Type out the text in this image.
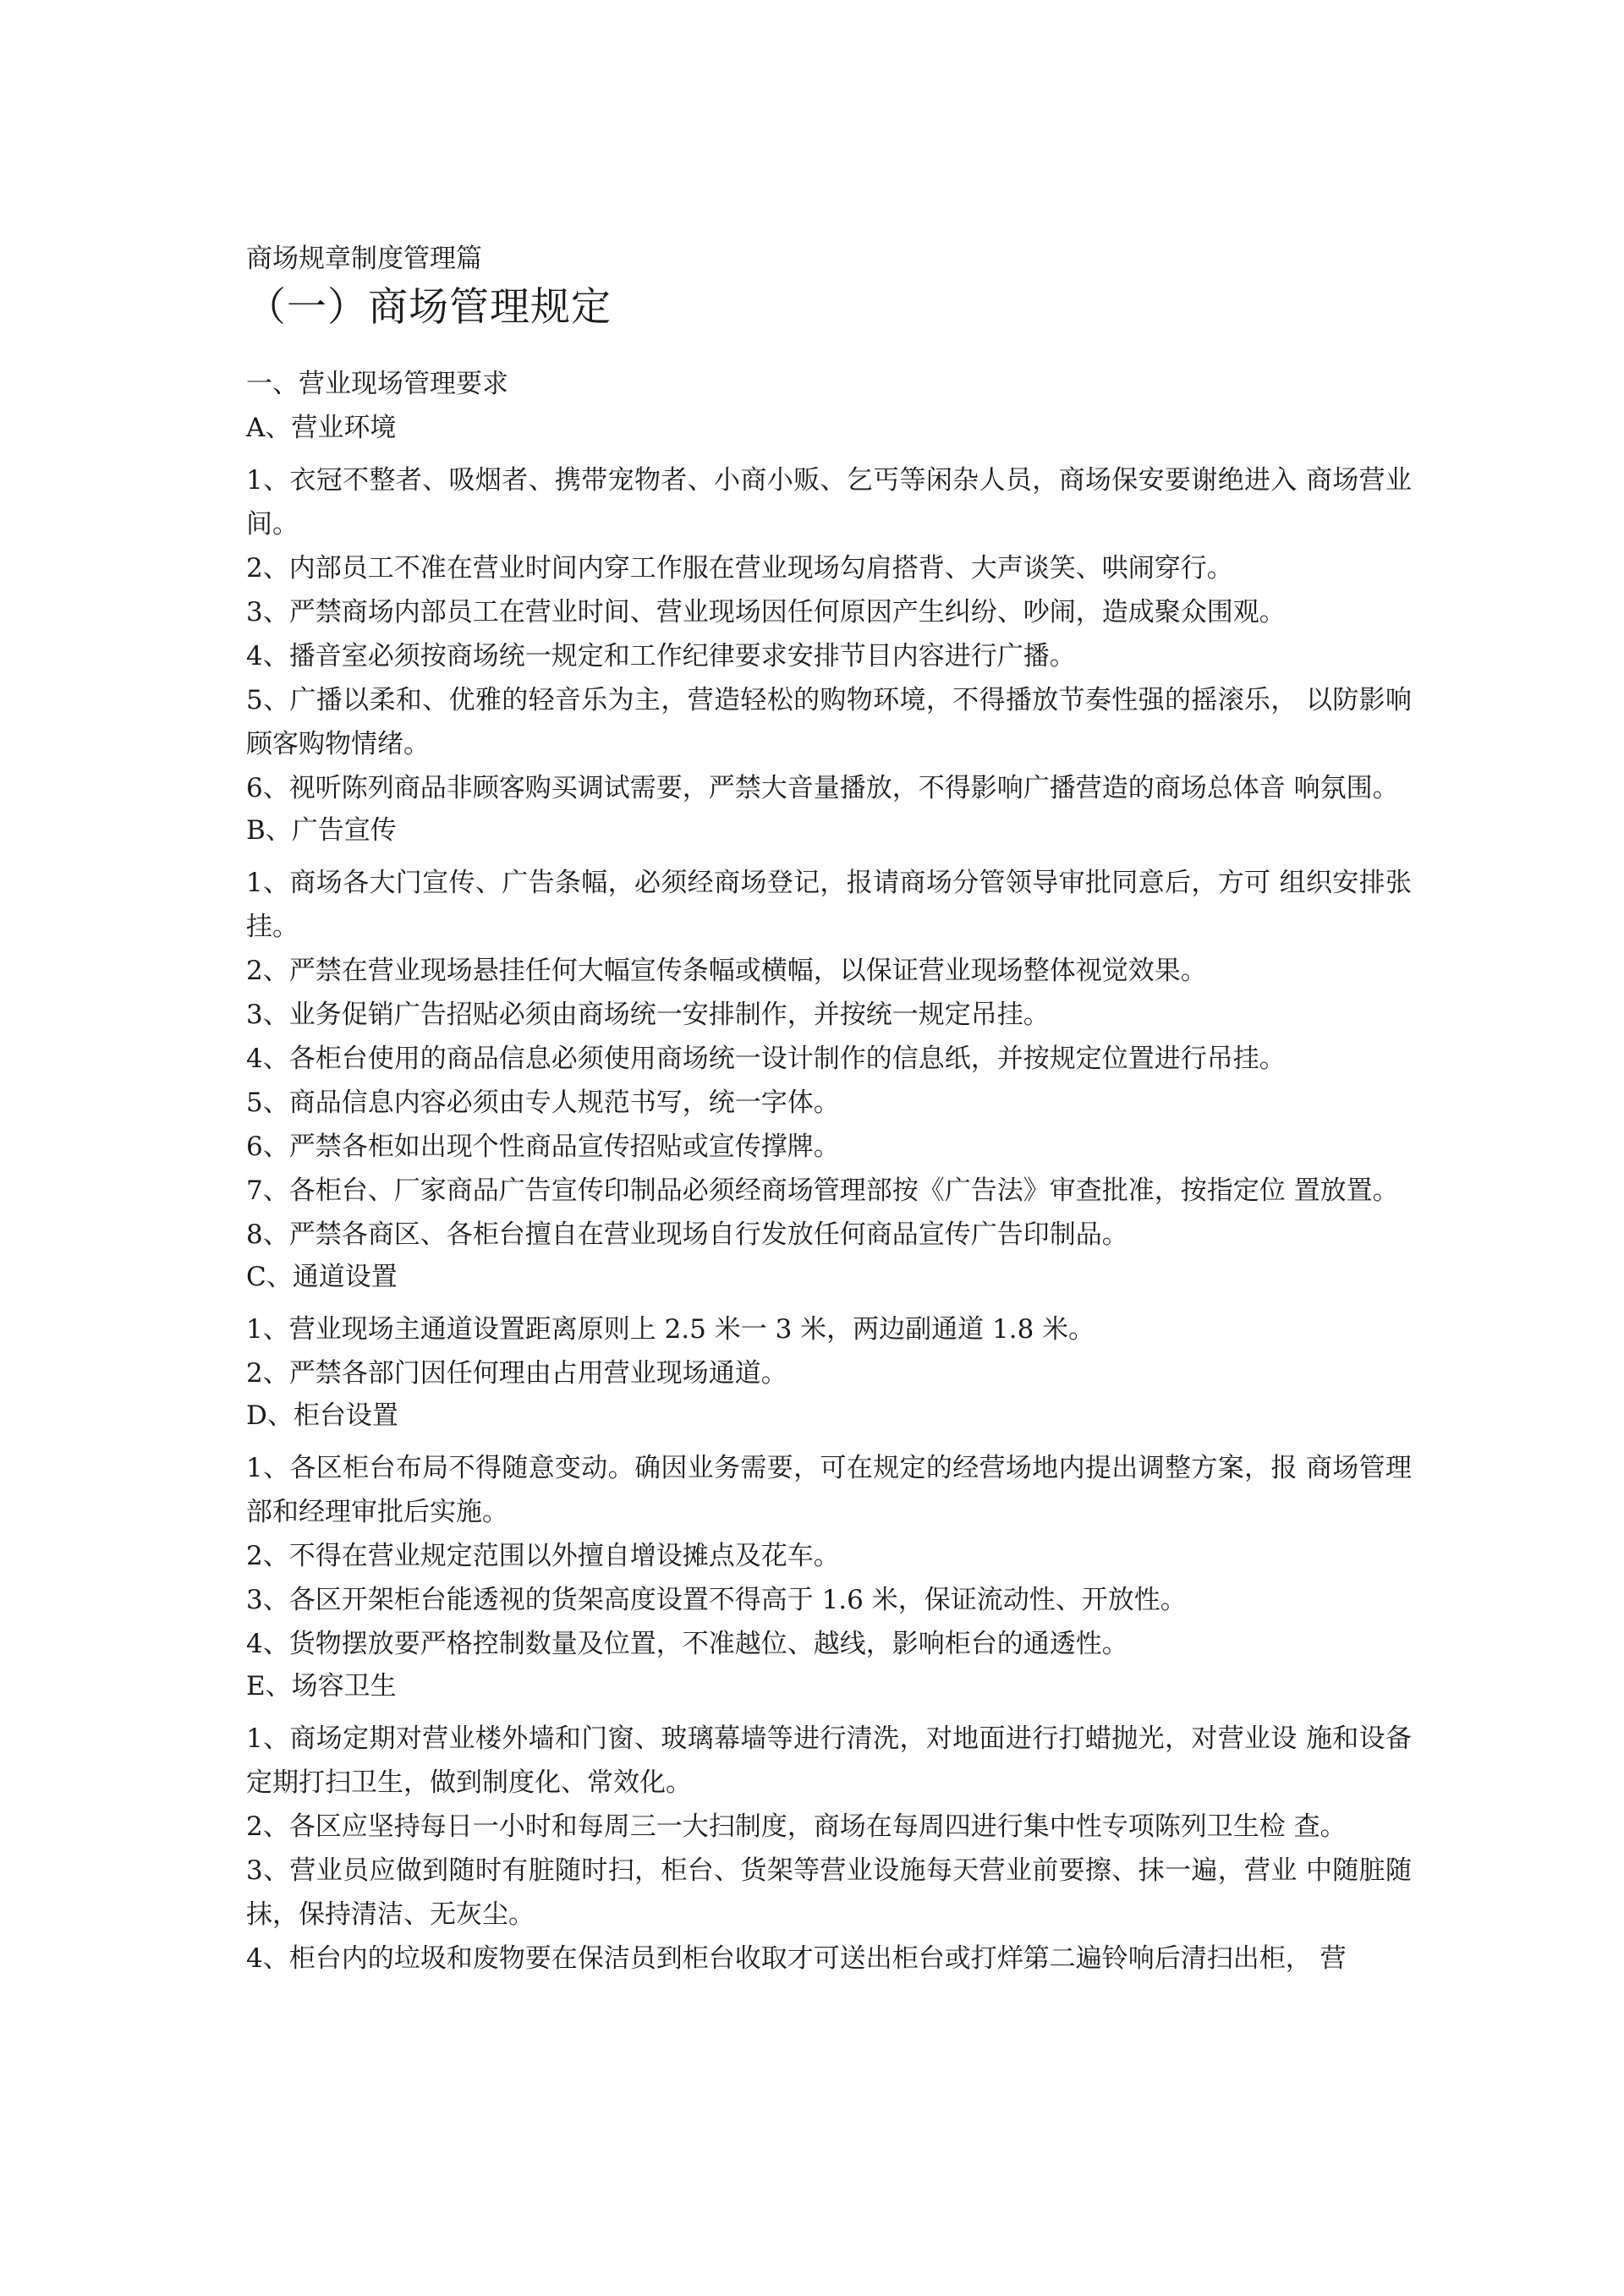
商场规章制度管理篇
（一）商场管理规定
一、营业现场管理要求
A、营业环境

1、衣冠不整者、吸烟者、携带宠物者、小商小贩、乞丐等闲杂人员，商场保安要谢绝进入 商场营业间。

2、内部员工不准在营业时间内穿工作服在营业现场勾肩搭背、大声谈笑、哄闹穿行。

3、严禁商场内部员工在营业时间、营业现场因任何原因产生纠纷、吵闹，造成聚众围观。

4、播音室必须按商场统一规定和工作纪律要求安排节目内容进行广播。

5、广播以柔和、优雅的轻音乐为主，营造轻松的购物环境，不得播放节奏性强的摇滚乐， 以防影响顾客购物情绪。

6、视听陈列商品非顾客购买调试需要，严禁大音量播放，不得影响广播营造的商场总体音 响氛围。

B、广告宣传

1、商场各大门宣传、广告条幅，必须经商场登记，报请商场分管领导审批同意后，方可 组织安排张挂。

2、严禁在营业现场悬挂任何大幅宣传条幅或横幅，以保证营业现场整体视觉效果。

3、业务促销广告招贴必须由商场统一安排制作，并按统一规定吊挂。

4、各柜台使用的商品信息必须使用商场统一设计制作的信息纸，并按规定位置进行吊挂。

5、商品信息内容必须由专人规范书写，统一字体。

6、严禁各柜如出现个性商品宣传招贴或宣传撑牌。

7、各柜台、厂家商品广告宣传印制品必须经商场管理部按《广告法》审查批准，按指定位 置放置。

8、严禁各商区、各柜台擅自在营业现场自行发放任何商品宣传广告印制品。

C、通道设置

1、营业现场主通道设置距离原则上 2.5 米一 3 米，两边副通道 1.8 米。

2、严禁各部门因任何理由占用营业现场通道。

D、柜台设置

1、各区柜台布局不得随意变动。确因业务需要，可在规定的经营场地内提出调整方案，报 商场管理部和经理审批后实施。

2、不得在营业规定范围以外擅自增设摊点及花车。

3、各区开架柜台能透视的货架高度设置不得高于 1.6 米，保证流动性、开放性。

4、货物摆放要严格控制数量及位置，不准越位、越线，影响柜台的通透性。

E、场容卫生

1、商场定期对营业楼外墙和门窗、玻璃幕墙等进行清洗，对地面进行打蜡抛光，对营业设 施和设备定期打扫卫生，做到制度化、常效化。

2、各区应坚持每日一小时和每周三一大扫制度，商场在每周四进行集中性专项陈列卫生检 查。

3、营业员应做到随时有脏随时扫，柜台、货架等营业设施每天营业前要擦、抹一遍，营业 中随脏随抹，保持清洁、无灰尘。

4、柜台内的垃圾和废物要在保洁员到柜台收取才可送出柜台或打烊第二遍铃响后清扫出柜， 营
